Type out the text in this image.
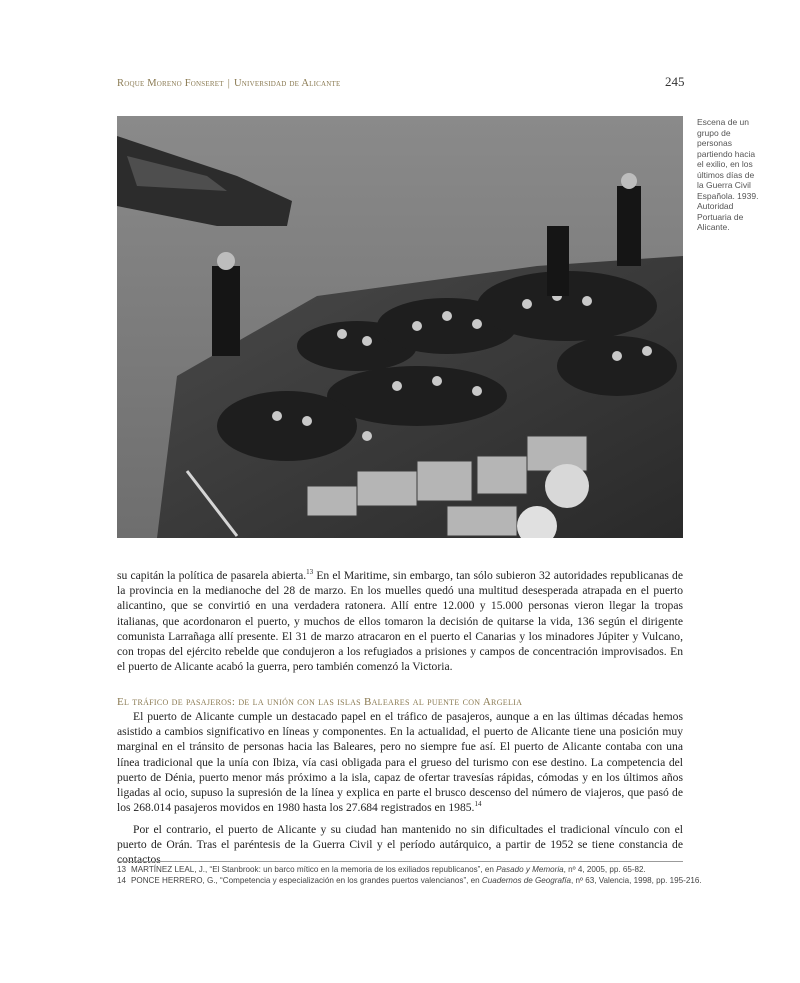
Roque Moreno Fonseret | Universidad de Alicante	245
Escena de un grupo de personas partiendo hacia el exilio, en los últimos días de la Guerra Civil Española. 1939. Autoridad Portuaria de Alicante.

su capitán la política de pasarela abierta.$^{13}$ En el Maritime, sin embargo, tan sólo subieron 32 autoridades republicanas de la provincia en la medianoche del 28 de marzo. En los muelles quedó una multitud desesperada atrapada en el puerto alicantino, que se convirtió en una verdadera ratonera. Allí entre 12.000 y 15.000 personas vieron llegar la tropas italianas, que acordonaron el puerto, y muchos de ellos tomaron la decisión de quitarse la vida, 136 según el dirigente comunista Larrañaga allí presente. El 31 de marzo atracaron en el puerto el Canarias y los minadores Júpiter y Vulcano, con tropas del ejército rebelde que condujeron a los refugiados a prisiones y campos de concentración improvisados. En el puerto de Alicante acabó la guerra, pero también comenzó la Victoria.

El tráfico de pasajeros: de la unión con las islas Baleares al puente con Argelia

El puerto de Alicante cumple un destacado papel en el tráfico de pasajeros, aunque a en las últimas décadas hemos asistido a cambios significativo en líneas y componentes. En la actualidad, el puerto de Alicante tiene una posición muy marginal en el tránsito de personas hacia las Baleares, pero no siempre fue así. El puerto de Alicante contaba con una línea tradicional que la unía con Ibiza, vía casi obligada para el grueso del turismo con ese destino. La competencia del puerto de Dénia, puerto menor más próximo a la isla, capaz de ofertar travesías rápidas, cómodas y en los últimos años ligadas al ocio, supuso la supresión de la línea y explica en parte el brusco descenso del número de viajeros, que pasó de los 268.014 pasajeros movidos en 1980 hasta los 27.684 registrados en 1985.14

Por el contrario, el puerto de Alicante y su ciudad han mantenido no sin dificultades el tradicional vínculo con el puerto de Orán. Tras el paréntesis de la Guerra Civil y el período autárquico, a partir de 1952 se tiene constancia de contactos

13 MARTÍNEZ LEAL, J., “El Stanbrook: un barco mítico en la memoria de los exiliados republicanos”, en Pasado y Memoria, nº 4, 2005, pp. 65-82.
14 PONCE HERRERO, G., “Competencia y especialización en los grandes puertos valencianos”, en Cuadernos de Geografía, nº 63, Valencia, 1998, pp. 195-216.
